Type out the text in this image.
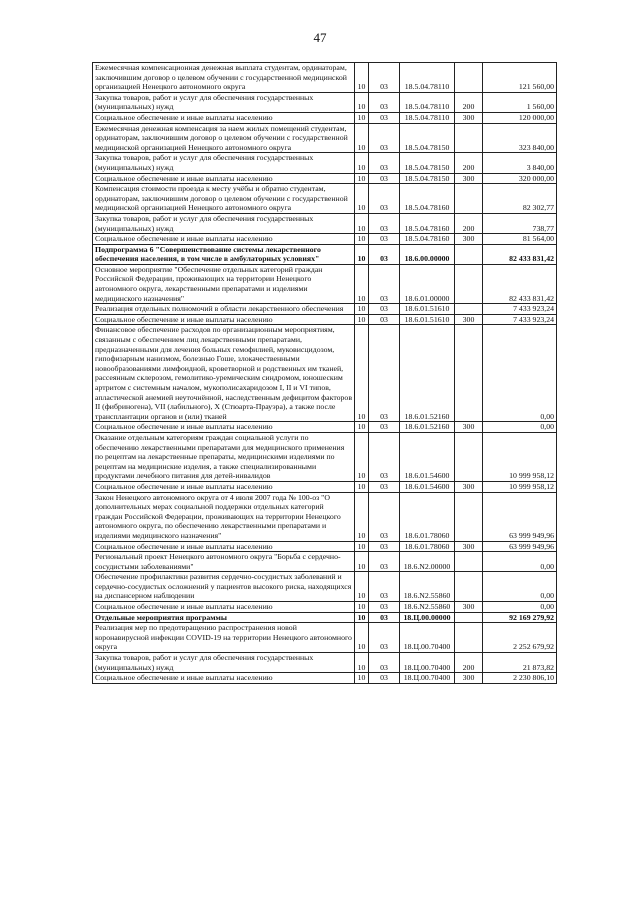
47
Ежемесячная компенсационная денежная выплата студентам, ординаторам, заключившим договор о целевом обучении с государственной медицинской организацией Ненецкого автономного округа	10	03	18.5.04.78110		121 560,00
Закупка товаров, работ и услуг для обеспечения государственных (муниципальных) нужд	10	03	18.5.04.78110	200	1 560,00
Социальное обеспечение и иные выплаты населению	10	03	18.5.04.78110	300	120 000,00
Ежемесячная денежная компенсация за наем жилых помещений студентам, ординаторам, заключившим договор о целевом обучении с государственной медицинской организацией Ненецкого автономного округа	10	03	18.5.04.78150		323 840,00
Закупка товаров, работ и услуг для обеспечения государственных (муниципальных) нужд	10	03	18.5.04.78150	200	3 840,00
Социальное обеспечение и иные выплаты населению	10	03	18.5.04.78150	300	320 000,00
Компенсация стоимости проезда к месту учёбы и обратно студентам, ординаторам, заключившим договор о целевом обучении с государственной медицинской организацией Ненецкого автономного округа	10	03	18.5.04.78160		82 302,77
Закупка товаров, работ и услуг для обеспечения государственных (муниципальных) нужд	10	03	18.5.04.78160	200	738,77
Социальное обеспечение и иные выплаты населению	10	03	18.5.04.78160	300	81 564,00
Подпрограмма 6 "Совершенствование системы лекарственного обеспечения населения, в том числе в амбулаторных условиях"	10	03	18.6.00.00000		82 433 831,42
Основное мероприятие "Обеспечение отдельных категорий граждан Российской Федерации, проживающих на территории Ненецкого автономного округа, лекарственными препаратами и изделиями медицинского назначения"	10	03	18.6.01.00000		82 433 831,42
Реализация отдельных полномочий в области лекарственного обеспечения	10	03	18.6.01.51610		7 433 923,24
Социальное обеспечение и иные выплаты населению	10	03	18.6.01.51610	300	7 433 923,24
Финансовое обеспечение расходов по организационным мероприятиям, связанным с обеспечением лиц лекарственными препаратами, предназначенными для лечения больных гемофилией, муковисцидозом, гипофизарным нанизмом, болезнью Гоше, злокачественными новообразованиями лимфоидной, кроветворной и родственных им тканей, рассеянным склерозом, гемолитико-уремическим синдромом, юношеским артритом с системным началом, мукополисахаридозом I, II и VI типов, апластической анемией неуточнённой, наследственным дефицитом факторов II (фибриногена), VII (лабильного), X (Стюарта-Прауэра), а также после трансплантации органов и (или) тканей	10	03	18.6.01.52160		0,00
Социальное обеспечение и иные выплаты населению	10	03	18.6.01.52160	300	0,00
Оказание отдельным категориям граждан социальной услуги по обеспечению лекарственными препаратами для медицинского применения по рецептам на лекарственные препараты, медицинскими изделиями по рецептам на медицинские изделия, а также специализированными продуктами лечебного питания для детей-инвалидов	10	03	18.6.01.54600		10 999 958,12
Социальное обеспечение и иные выплаты населению	10	03	18.6.01.54600	300	10 999 958,12
Закон Ненецкого автономного округа от 4 июля 2007 года № 100-оз "О дополнительных мерах социальной поддержки отдельных категорий граждан Российской Федерации, проживающих на территории Ненецкого автономного округа, по обеспечению лекарственными препаратами и изделиями медицинского назначения"	10	03	18.6.01.78060		63 999 949,96
Социальное обеспечение и иные выплаты населению	10	03	18.6.01.78060	300	63 999 949,96
Региональный проект Ненецкого автономного округа "Борьба с сердечно-сосудистыми заболеваниями"	10	03	18.6.N2.00000		0,00
Обеспечение профилактики развития сердечно-сосудистых заболеваний и сердечно-сосудистых осложнений у пациентов высокого риска, находящихся на диспансерном наблюдении	10	03	18.6.N2.55860		0,00
Социальное обеспечение и иные выплаты населению	10	03	18.6.N2.55860	300	0,00
Отдельные мероприятия программы	10	03	18.Ц.00.00000		92 169 279,92
Реализация мер по предотвращению распространения новой коронавирусной инфекции COVID-19 на территории Ненецкого автономного округа	10	03	18.Ц.00.70400		2 252 679,92
Закупка товаров, работ и услуг для обеспечения государственных (муниципальных) нужд	10	03	18.Ц.00.70400	200	21 873,82
Социальное обеспечение и иные выплаты населению	10	03	18.Ц.00.70400	300	2 230 806,10
